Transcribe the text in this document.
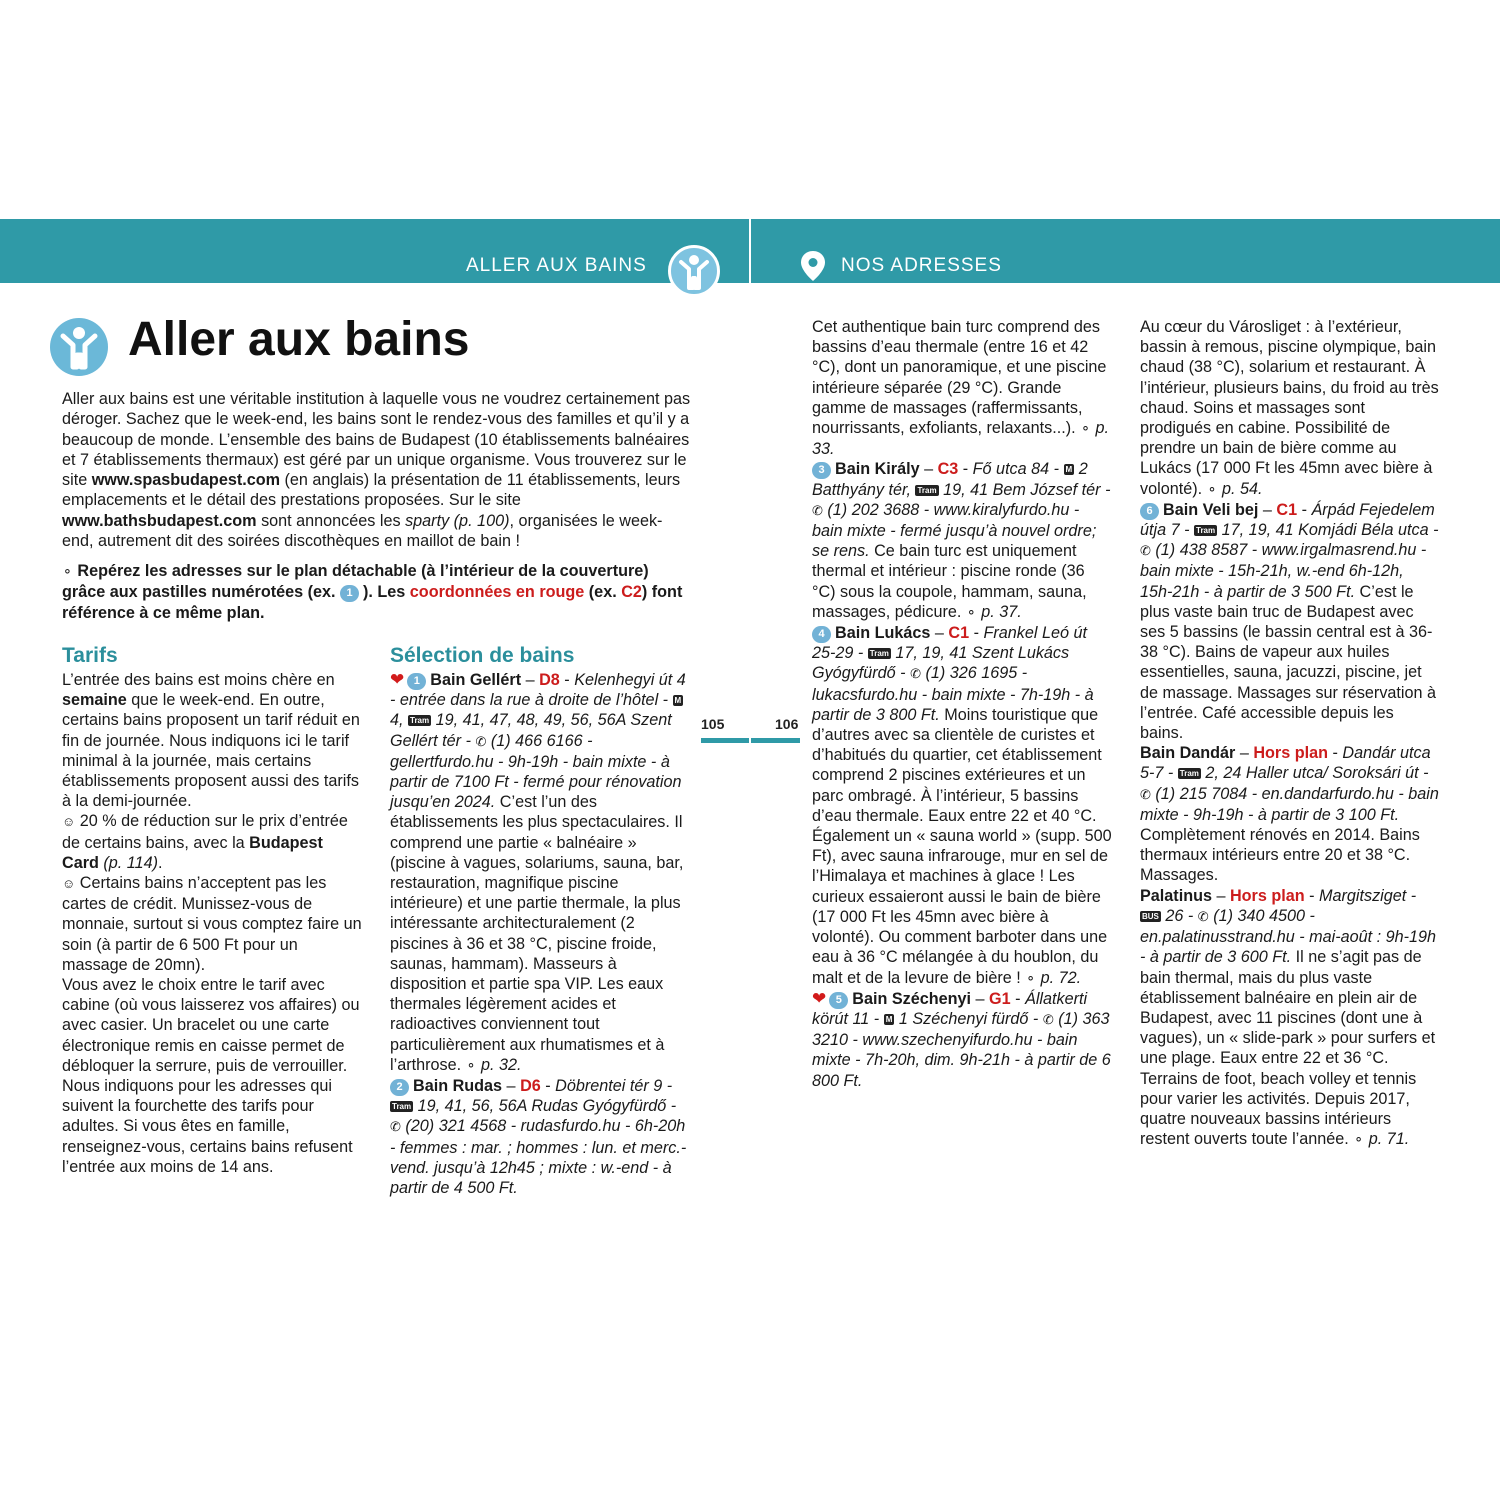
ALLER AUX BAINS	NOS ADRESSES
Aller aux bains

Aller aux bains est une véritable institution à laquelle vous ne voudrez certainement pas déroger. Sachez que le week-end, les bains sont le rendez-vous des familles et qu’il y a beaucoup de monde. L’ensemble des bains de Budapest (10 établissements balnéaires et 7 établissements thermaux) est géré par un unique organisme. Vous trouverez sur le site www.spasbudapest.com (en anglais) la présentation de 11 établissements, leurs emplacements et le détail des prestations proposées. Sur le site www.bathsbudapest.com sont annoncées les sparty (p. 100), organisées le week-end, autrement dit des soirées discothèques en maillot de bain !

⚬ Repérez les adresses sur le plan détachable (à l’intérieur de la couverture) grâce aux pastilles numérotées (ex. 1 ). Les coordonnées en rouge (ex. C2) font référence à ce même plan.
Tarifs

L’entrée des bains est moins chère en semaine que le week-end. En outre, certains bains proposent un tarif réduit en fin de journée. Nous indiquons ici le tarif minimal à la journée, mais certains établissements proposent aussi des tarifs à la demi-journée.

☺ 20 % de réduction sur le prix d’entrée de certains bains, avec la Budapest Card (p. 114).

☺ Certains bains n’acceptent pas les cartes de crédit. Munissez-vous de monnaie, surtout si vous comptez faire un soin (à partir de 6 500 Ft pour un massage de 20mn).

Vous avez le choix entre le tarif avec cabine (où vous laisserez vos affaires) ou avec casier. Un bracelet ou une carte électronique remis en caisse permet de débloquer la serrure, puis de verrouiller. Nous indiquons pour les adresses qui suivent la fourchette des tarifs pour adultes. Si vous êtes en famille, renseignez-vous, certains bains refusent l’entrée aux moins de 14 ans.

Sélection de bains

❤ 1 Bain Gellért – D8 - Kelenhegyi út 4 - entrée dans la rue à droite de l’hôtel - M 4, Tram 19, 41, 47, 48, 49, 56, 56A Szent Gellért tér - ✆ (1) 466 6166 - gellertfurdo.hu - 9h-19h - bain mixte - à partir de 7100 Ft - fermé pour rénovation jusqu’en 2024. C’est l’un des établissements les plus spectaculaires. Il comprend une partie « balnéaire » (piscine à vagues, solariums, sauna, bar, restauration, magnifique piscine intérieure) et une partie thermale, la plus intéressante architecturalement (2 piscines à 36 et 38 °C, piscine froide, saunas, hammam). Masseurs à disposition et partie spa VIP. Les eaux thermales légèrement acides et radioactives conviennent tout particulièrement aux rhumatismes et à l’arthrose. ⚬ p. 32.

2 Bain Rudas – D6 - Döbrentei tér 9 - Tram 19, 41, 56, 56A Rudas Gyógyfürdő - ✆ (20) 321 4568 - rudasfurdo.hu - 6h-20h - femmes : mar. ; hommes : lun. et merc.-vend. jusqu’à 12h45 ; mixte : w.-end - à partir de 4 500 Ft.

105	106

Cet authentique bain turc comprend des bassins d’eau thermale (entre 16 et 42 °C), dont un panoramique, et une piscine intérieure séparée (29 °C). Grande gamme de massages (raffermissants, nourrissants, exfoliants, relaxants...). ⚬ p. 33.

3 Bain Király – C3 - Fő utca 84 - M 2 Batthyány tér, Tram 19, 41 Bem József tér - ✆ (1) 202 3688 - www.kiralyfurdo.hu - bain mixte - fermé jusqu’à nouvel ordre; se rens. Ce bain turc est uniquement thermal et intérieur : piscine ronde (36 °C) sous la coupole, hammam, sauna, massages, pédicure. ⚬ p. 37.

4 Bain Lukács – C1 - Frankel Leó út 25-29 - Tram 17, 19, 41 Szent Lukács Gyógyfürdő - ✆ (1) 326 1695 - lukacsfurdo.hu - bain mixte - 7h-19h - à partir de 3 800 Ft. Moins touristique que d’autres avec sa clientèle de curistes et d’habitués du quartier, cet établissement comprend 2 piscines extérieures et un parc ombragé. À l’intérieur, 5 bassins d’eau thermale. Eaux entre 22 et 40 °C. Également un « sauna world » (supp. 500 Ft), avec sauna infrarouge, mur en sel de l’Himalaya et machines à glace ! Les curieux essaieront aussi le bain de bière (17 000 Ft les 45mn avec bière à volonté). Ou comment barboter dans une eau à 36 °C mélangée à du houblon, du malt et de la levure de bière ! ⚬ p. 72.

❤ 5 Bain Széchenyi – G1 - Állatkerti körút 11 - M 1 Széchenyi fürdő - ✆ (1) 363 3210 - www.szechenyifurdo.hu - bain mixte - 7h-20h, dim. 9h-21h - à partir de 6 800 Ft.

Au cœur du Városliget : à l’extérieur, bassin à remous, piscine olympique, bain chaud (38 °C), solarium et restaurant. À l’intérieur, plusieurs bains, du froid au très chaud. Soins et massages sont prodigués en cabine. Possibilité de prendre un bain de bière comme au Lukács (17 000 Ft les 45mn avec bière à volonté). ⚬ p. 54.

6 Bain Veli bej – C1 - Árpád Fejedelem útja 7 - Tram 17, 19, 41 Komjádi Béla utca - ✆ (1) 438 8587 - www.irgalmasrend.hu - bain mixte - 15h-21h, w.-end 6h-12h, 15h-21h - à partir de 3 500 Ft. C’est le plus vaste bain truc de Budapest avec ses 5 bassins (le bassin central est à 36-38 °C). Bains de vapeur aux huiles essentielles, sauna, jacuzzi, piscine, jet de massage. Massages sur réservation à l’entrée. Café accessible depuis les bains.

Bain Dandár – Hors plan - Dandár utca 5-7 - Tram 2, 24 Haller utca/ Soroksári út - ✆ (1) 215 7084 - en.dandarfurdo.hu - bain mixte - 9h-19h - à partir de 3 100 Ft. Complètement rénovés en 2014. Bains thermaux intérieurs entre 20 et 38 °C. Massages.

Palatinus – Hors plan - Margitsziget - BUS 26 - ✆ (1) 340 4500 - en.palatinusstrand.hu - mai-août : 9h-19h - à partir de 3 600 Ft. Il ne s’agit pas de bain thermal, mais du plus vaste établissement balnéaire en plein air de Budapest, avec 11 piscines (dont une à vagues), un « slide-park » pour surfers et une plage. Eaux entre 22 et 36 °C. Terrains de foot, beach volley et tennis pour varier les activités. Depuis 2017, quatre nouveaux bassins intérieurs restent ouverts toute l’année. ⚬ p. 71.
